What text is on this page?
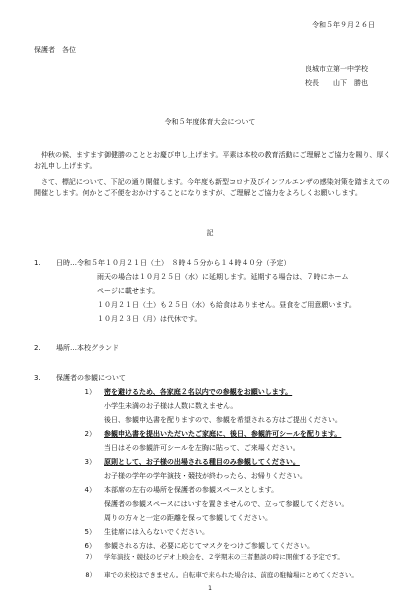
令和５年９月２６日
保護者　各位
良城市立第一中学校
校長　　山下　勝也
令和５年度体育大会について
仲秋の候、ますます御健勝のこととお慶び申し上げます。平素は本校の教育活動にご理解とご協力を賜り、厚くお礼申し上げます。
さて、標記について、下記の通り開催します。今年度も新型コロナ及びインフルエンザの感染対策を踏まえての開催とします。何かとご不便をおかけすることになりますが、ご理解とご協力をよろしくお願いします。
記
1. 日時…令和５年１０月２１日（土）　８時４５分から１４時４０分（予定）
雨天の場合は１０月２５日（水）に延期します。延期する場合は、７時にホーム
ページに載せます。
１０月２１日（土）も２５日（水）も給食はありません。昼食をご用意願います。
１０月２３日（月）は代休です。
2. 場所…本校グランド
3. 保護者の参観について
1） 密を避けるため、各家庭２名以内での参観をお願いします。
小学生未満のお子様は人数に数えません。
後日、参観申込書を配りますので、参観を希望される方はご提出ください。
2） 参観申込書を提出いただいたご家庭に、後日、参観許可シールを配ります。
当日はその参観許可シールを左胸に貼って、ご来場ください。
3） 原則として、お子様の出場される種目のみ参観してください。
お子様の学年の学年演技・競技が終わったら、お帰りください。
4） 本部席の左右の場所を保護者の参観スペースとします。
保護者の参観スペースにはいすを置きませんので、立って参観してください。
周りの方々と一定の距離を保って参観してください。
5） 生徒席には入らないでください。
6） 参観される方は、必要に応じてマスクをつけご参観してください。
7） 学年演技・競技のビデオ上映会を、２学期末の三者懇談の時に開催する予定です。
8） 車での来校はできません。自転車で来られた場合は、前庭の駐輪場にとめてください。
1
